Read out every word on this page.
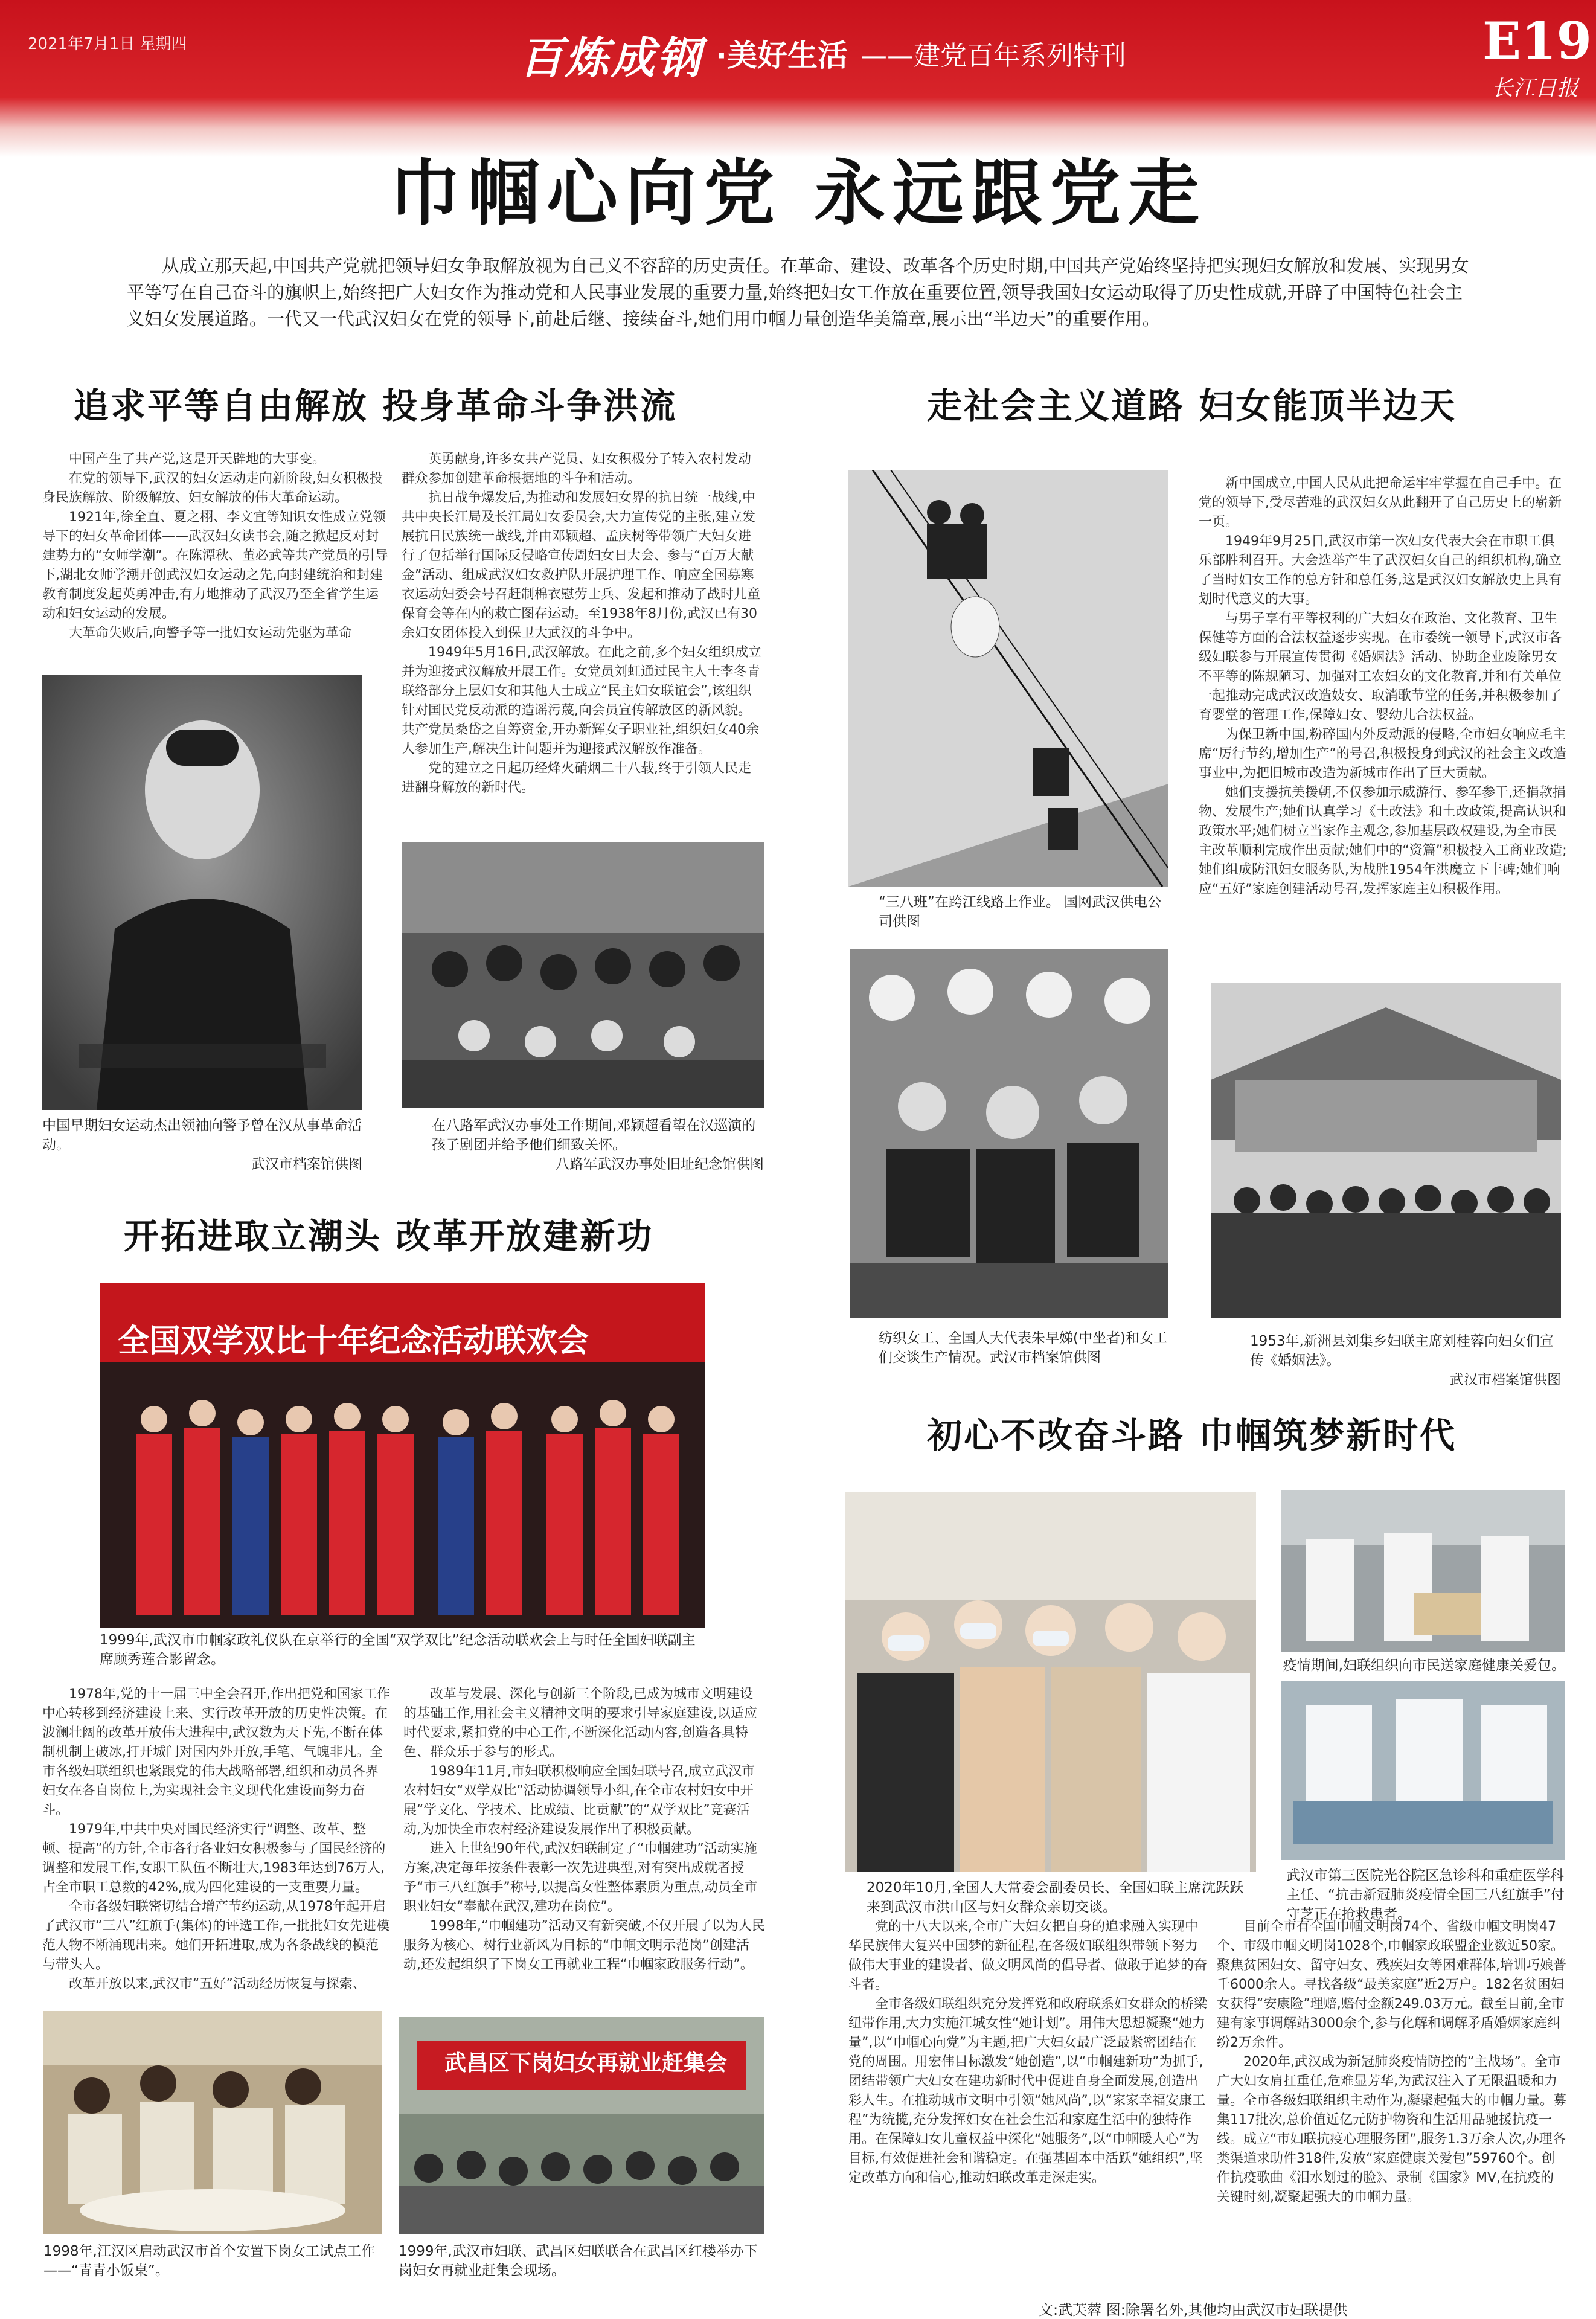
2021年7月1日 星期四	百炼成钢 ·美好生活 ——建党百年系列特刊	E19
长江日报
巾帼心向党 永远跟党走
从成立那天起,中国共产党就把领导妇女争取解放视为自己义不容辞的历史责任。在革命、建设、改革各个历史时期,中国共产党始终坚持把实现妇女解放和发展、实现男女平等写在自己奋斗的旗帜上,始终把广大妇女作为推动党和人民事业发展的重要力量,始终把妇女工作放在重要位置,领导我国妇女运动取得了历史性成就,开辟了中国特色社会主义妇女发展道路。一代又一代武汉妇女在党的领导下,前赴后继、接续奋斗,她们用巾帼力量创造华美篇章,展示出“半边天”的重要作用。
追求平等自由解放 投身革命斗争洪流

中国产生了共产党,这是开天辟地的大事变。

在党的领导下,武汉的妇女运动走向新阶段,妇女积极投身民族解放、阶级解放、妇女解放的伟大革命运动。

1921年,徐全直、夏之栩、李文宜等知识女性成立党领导下的妇女革命团体——武汉妇女读书会,随之掀起反对封建势力的“女师学潮”。在陈潭秋、董必武等共产党员的引导下,湖北女师学潮开创武汉妇女运动之先,向封建统治和封建教育制度发起英勇冲击,有力地推动了武汉乃至全省学生运动和妇女运动的发展。

大革命失败后,向警予等一批妇女运动先驱为革命

英勇献身,许多女共产党员、妇女积极分子转入农村发动群众参加创建革命根据地的斗争和活动。

抗日战争爆发后,为推动和发展妇女界的抗日统一战线,中共中央长江局及长江局妇女委员会,大力宣传党的主张,建立发展抗日民族统一战线,并由邓颖超、孟庆树等带领广大妇女进行了包括举行国际反侵略宣传周妇女日大会、参与“百万大献金”活动、组成武汉妇女救护队开展护理工作、响应全国募寒衣运动妇委会号召赶制棉衣慰劳士兵、发起和推动了战时儿童保育会等在内的救亡图存运动。至1938年8月份,武汉已有30余妇女团体投入到保卫大武汉的斗争中。

1949年5月16日,武汉解放。在此之前,多个妇女组织成立并为迎接武汉解放开展工作。女党员刘虹通过民主人士李冬青联络部分上层妇女和其他人士成立“民主妇女联谊会”,该组织针对国民党反动派的造谣污蔑,向会员宣传解放区的新风貌。共产党员桑岱之自筹资金,开办新辉女子职业社,组织妇女40余人参加生产,解决生计问题并为迎接武汉解放作准备。

党的建立之日起历经烽火硝烟二十八载,终于引领人民走进翻身解放的新时代。

中国早期妇女运动杰出领袖向警予曾在汉从事革命活动。
武汉市档案馆供图
在八路军武汉办事处工作期间,邓颖超看望在汉巡演的孩子剧团并给予他们细致关怀。
八路军武汉办事处旧址纪念馆供图
走社会主义道路 妇女能顶半边天
“三八班”在跨江线路上作业。 国网武汉供电公司供图

新中国成立,中国人民从此把命运牢牢掌握在自己手中。在党的领导下,受尽苦难的武汉妇女从此翻开了自己历史上的崭新一页。

1949年9月25日,武汉市第一次妇女代表大会在市职工俱乐部胜利召开。大会选举产生了武汉妇女自己的组织机构,确立了当时妇女工作的总方针和总任务,这是武汉妇女解放史上具有划时代意义的大事。

与男子享有平等权利的广大妇女在政治、文化教育、卫生保健等方面的合法权益逐步实现。在市委统一领导下,武汉市各级妇联参与开展宣传贯彻《婚姻法》活动、协助企业废除男女不平等的陈规陋习、加强对工农妇女的文化教育,并和有关单位一起推动完成武汉改造妓女、取消歌节堂的任务,并积极参加了育婴堂的管理工作,保障妇女、婴幼儿合法权益。

为保卫新中国,粉碎国内外反动派的侵略,全市妇女响应毛主席“厉行节约,增加生产”的号召,积极投身到武汉的社会主义改造事业中,为把旧城市改造为新城市作出了巨大贡献。

她们支援抗美援朝,不仅参加示威游行、参军参干,还捐款捐物、发展生产;她们认真学习《土改法》和土改政策,提高认识和政策水平;她们树立当家作主观念,参加基层政权建设,为全市民主改革顺利完成作出贡献;她们中的“资篇”积极投入工商业改造;她们组成防汛妇女服务队,为战胜1954年洪魔立下丰碑;她们响应“五好”家庭创建活动号召,发挥家庭主妇积极作用。

纺织女工、全国人大代表朱早娣(中坐者)和女工们交谈生产情况。武汉市档案馆供图
1953年,新洲县刘集乡妇联主席刘桂蓉向妇女们宣传《婚姻法》。
武汉市档案馆供图
开拓进取立潮头 改革开放建新功
全国双学双比十年纪念活动联欢会
1999年,武汉市巾帼家政礼仪队在京举行的全国“双学双比”纪念活动联欢会上与时任全国妇联副主席顾秀莲合影留念。

1978年,党的十一届三中全会召开,作出把党和国家工作中心转移到经济建设上来、实行改革开放的历史性决策。在波澜壮阔的改革开放伟大进程中,武汉数为天下先,不断在体制机制上破冰,打开城门对国内外开放,手笔、气魄非凡。全市各级妇联组织也紧跟党的伟大战略部署,组织和动员各界妇女在各自岗位上,为实现社会主义现代化建设而努力奋斗。

1979年,中共中央对国民经济实行“调整、改革、整顿、提高”的方针,全市各行各业妇女积极参与了国民经济的调整和发展工作,女职工队伍不断壮大,1983年达到76万人,占全市职工总数的42%,成为四化建设的一支重要力量。

全市各级妇联密切结合增产节约运动,从1978年起开启了武汉市“三八”红旗手(集体)的评选工作,一批批妇女先进模范人物不断涌现出来。她们开拓进取,成为各条战线的模范与带头人。

改革开放以来,武汉市“五好”活动经历恢复与探索、

改革与发展、深化与创新三个阶段,已成为城市文明建设的基础工作,用社会主义精神文明的要求引导家庭建设,以适应时代要求,紧扣党的中心工作,不断深化活动内容,创造各具特色、群众乐于参与的形式。

1989年11月,市妇联积极响应全国妇联号召,成立武汉市农村妇女“双学双比”活动协调领导小组,在全市农村妇女中开展“学文化、学技术、比成绩、比贡献”的“双学双比”竞赛活动,为加快全市农村经济建设发展作出了积极贡献。

进入上世纪90年代,武汉妇联制定了“巾帼建功”活动实施方案,决定每年按条件表彰一次先进典型,对有突出成就者授予“市三八红旗手”称号,以提高女性整体素质为重点,动员全市职业妇女“奉献在武汉,建功在岗位”。

1998年,“巾帼建功”活动又有新突破,不仅开展了以为人民服务为核心、树行业新风为目标的“巾帼文明示范岗”创建活动,还发起组织了下岗女工再就业工程“巾帼家政服务行动”。

1998年,江汉区启动武汉市首个安置下岗女工试点工作——“青青小饭桌”。
武昌区下岗妇女再就业赶集会
1999年,武汉市妇联、武昌区妇联联合在武昌区红楼举办下岗妇女再就业赶集会现场。
初心不改奋斗路 巾帼筑梦新时代
2020年10月,全国人大常委会副委员长、全国妇联主席沈跃跃来到武汉市洪山区与妇女群众亲切交谈。
疫情期间,妇联组织向市民送家庭健康关爱包。
武汉市第三医院光谷院区急诊科和重症医学科主任、“抗击新冠肺炎疫情全国三八红旗手”付守芝正在抢救患者。

党的十八大以来,全市广大妇女把自身的追求融入实现中华民族伟大复兴中国梦的新征程,在各级妇联组织带领下努力做伟大事业的建设者、做文明风尚的倡导者、做敢于追梦的奋斗者。

全市各级妇联组织充分发挥党和政府联系妇女群众的桥梁纽带作用,大力实施江城女性“她计划”。用伟大思想凝聚“她力量”,以“巾帼心向党”为主题,把广大妇女最广泛最紧密团结在党的周围。用宏伟目标激发“她创造”,以“巾帼建新功”为抓手,团结带领广大妇女在建功新时代中促进自身全面发展,创造出彩人生。在推动城市文明中引领“她风尚”,以“家家幸福安康工程”为统揽,充分发挥妇女在社会生活和家庭生活中的独特作用。在保障妇女儿童权益中深化“她服务”,以“巾帼暖人心”为目标,有效促进社会和谐稳定。在强基固本中活跃“她组织”,坚定改革方向和信心,推动妇联改革走深走实。

目前全市有全国巾帼文明岗74个、省级巾帼文明岗47个、市级巾帼文明岗1028个,巾帼家政联盟企业数近50家。聚焦贫困妇女、留守妇女、残疾妇女等困难群体,培训巧娘普千6000余人。寻找各级“最美家庭”近2万户。182名贫困妇女获得“安康险”理赔,赔付金额249.03万元。截至目前,全市建有家事调解站3000余个,参与化解和调解矛盾婚姻家庭纠纷2万余件。

2020年,武汉成为新冠肺炎疫情防控的“主战场”。全市广大妇女肩扛重任,危难显芳华,为武汉注入了无限温暖和力量。全市各级妇联组织主动作为,凝聚起强大的巾帼力量。募集117批次,总价值近亿元防护物资和生活用品驰援抗疫一线。成立“市妇联抗疫心理服务团”,服务1.3万余人次,办理各类渠道求助件318件,发放“家庭健康关爱包”59760个。创作抗疫歌曲《泪水划过的脸》、录制《国家》MV,在抗疫的关键时刻,凝聚起强大的巾帼力量。

文:武芙蓉 图:除署名外,其他均由武汉市妇联提供
